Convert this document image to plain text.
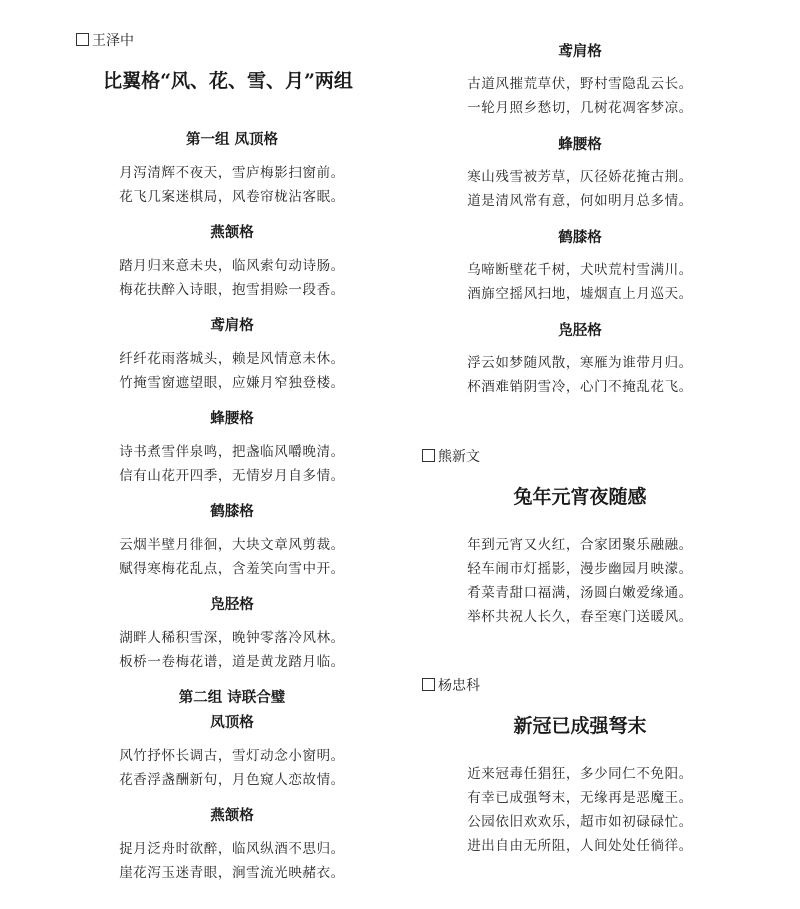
王泽中
比翼格“风、花、雪、月”两组
第一组 凤顶格
月泻清辉不夜天，雪庐梅影扫窗前。
花飞几案迷棋局，风卷帘栊沾客眠。
燕颔格
踏月归来意未央，临风索句动诗肠。
梅花扶醉入诗眼，抱雪捐赊一段香。
鸢肩格
纤纤花雨落城头，赖是风情意未休。
竹掩雪窗遮望眼，应嫌月窄独登楼。
蜂腰格
诗书煮雪伴泉鸣，把盏临风嚼晚清。
信有山花开四季，无情岁月自多情。
鹤膝格
云烟半壁月徘徊，大块文章风剪裁。
赋得寒梅花乱点，含羞笑向雪中开。
凫胫格
湖畔人稀积雪深，晚钟零落冷风林。
板桥一卷梅花谱，道是黄龙踏月临。
第二组 诗联合璧
凤顶格
风竹抒怀长调古，雪灯动念小窗明。
花香浮盏酬新句，月色窥人恋故情。
燕颔格
捉月泛舟时欲醉，临风纵酒不思归。
崖花泻玉迷青眼，涧雪流光映赭衣。
鸢肩格
古道风摧荒草伏，野村雪隐乱云长。
一轮月照乡愁切，几树花凋客梦凉。
蜂腰格
寒山残雪被芳草，仄径娇花掩古荆。
道是清风常有意，何如明月总多情。
鹤膝格
乌啼断壁花千树，犬吠荒村雪满川。
酒旆空摇风扫地，墟烟直上月巡天。
凫胫格
浮云如梦随风散，寒雁为谁带月归。
杯酒难销阴雪冷，心门不掩乱花飞。
熊新文
兔年元宵夜随感
年到元宵又火红，合家团聚乐融融。
轻车闹市灯摇影，漫步幽园月映濛。
肴菜青甜口福满，汤圆白嫩爱缘通。
举杯共祝人长久，春至寒门送暖风。
杨忠科
新冠已成强弩末
近来冠毒任猖狂，多少同仁不免阳。
有幸已成强弩末，无缘再是恶魔王。
公园依旧欢欢乐，超市如初碌碌忙。
进出自由无所阻，人间处处任徜徉。
